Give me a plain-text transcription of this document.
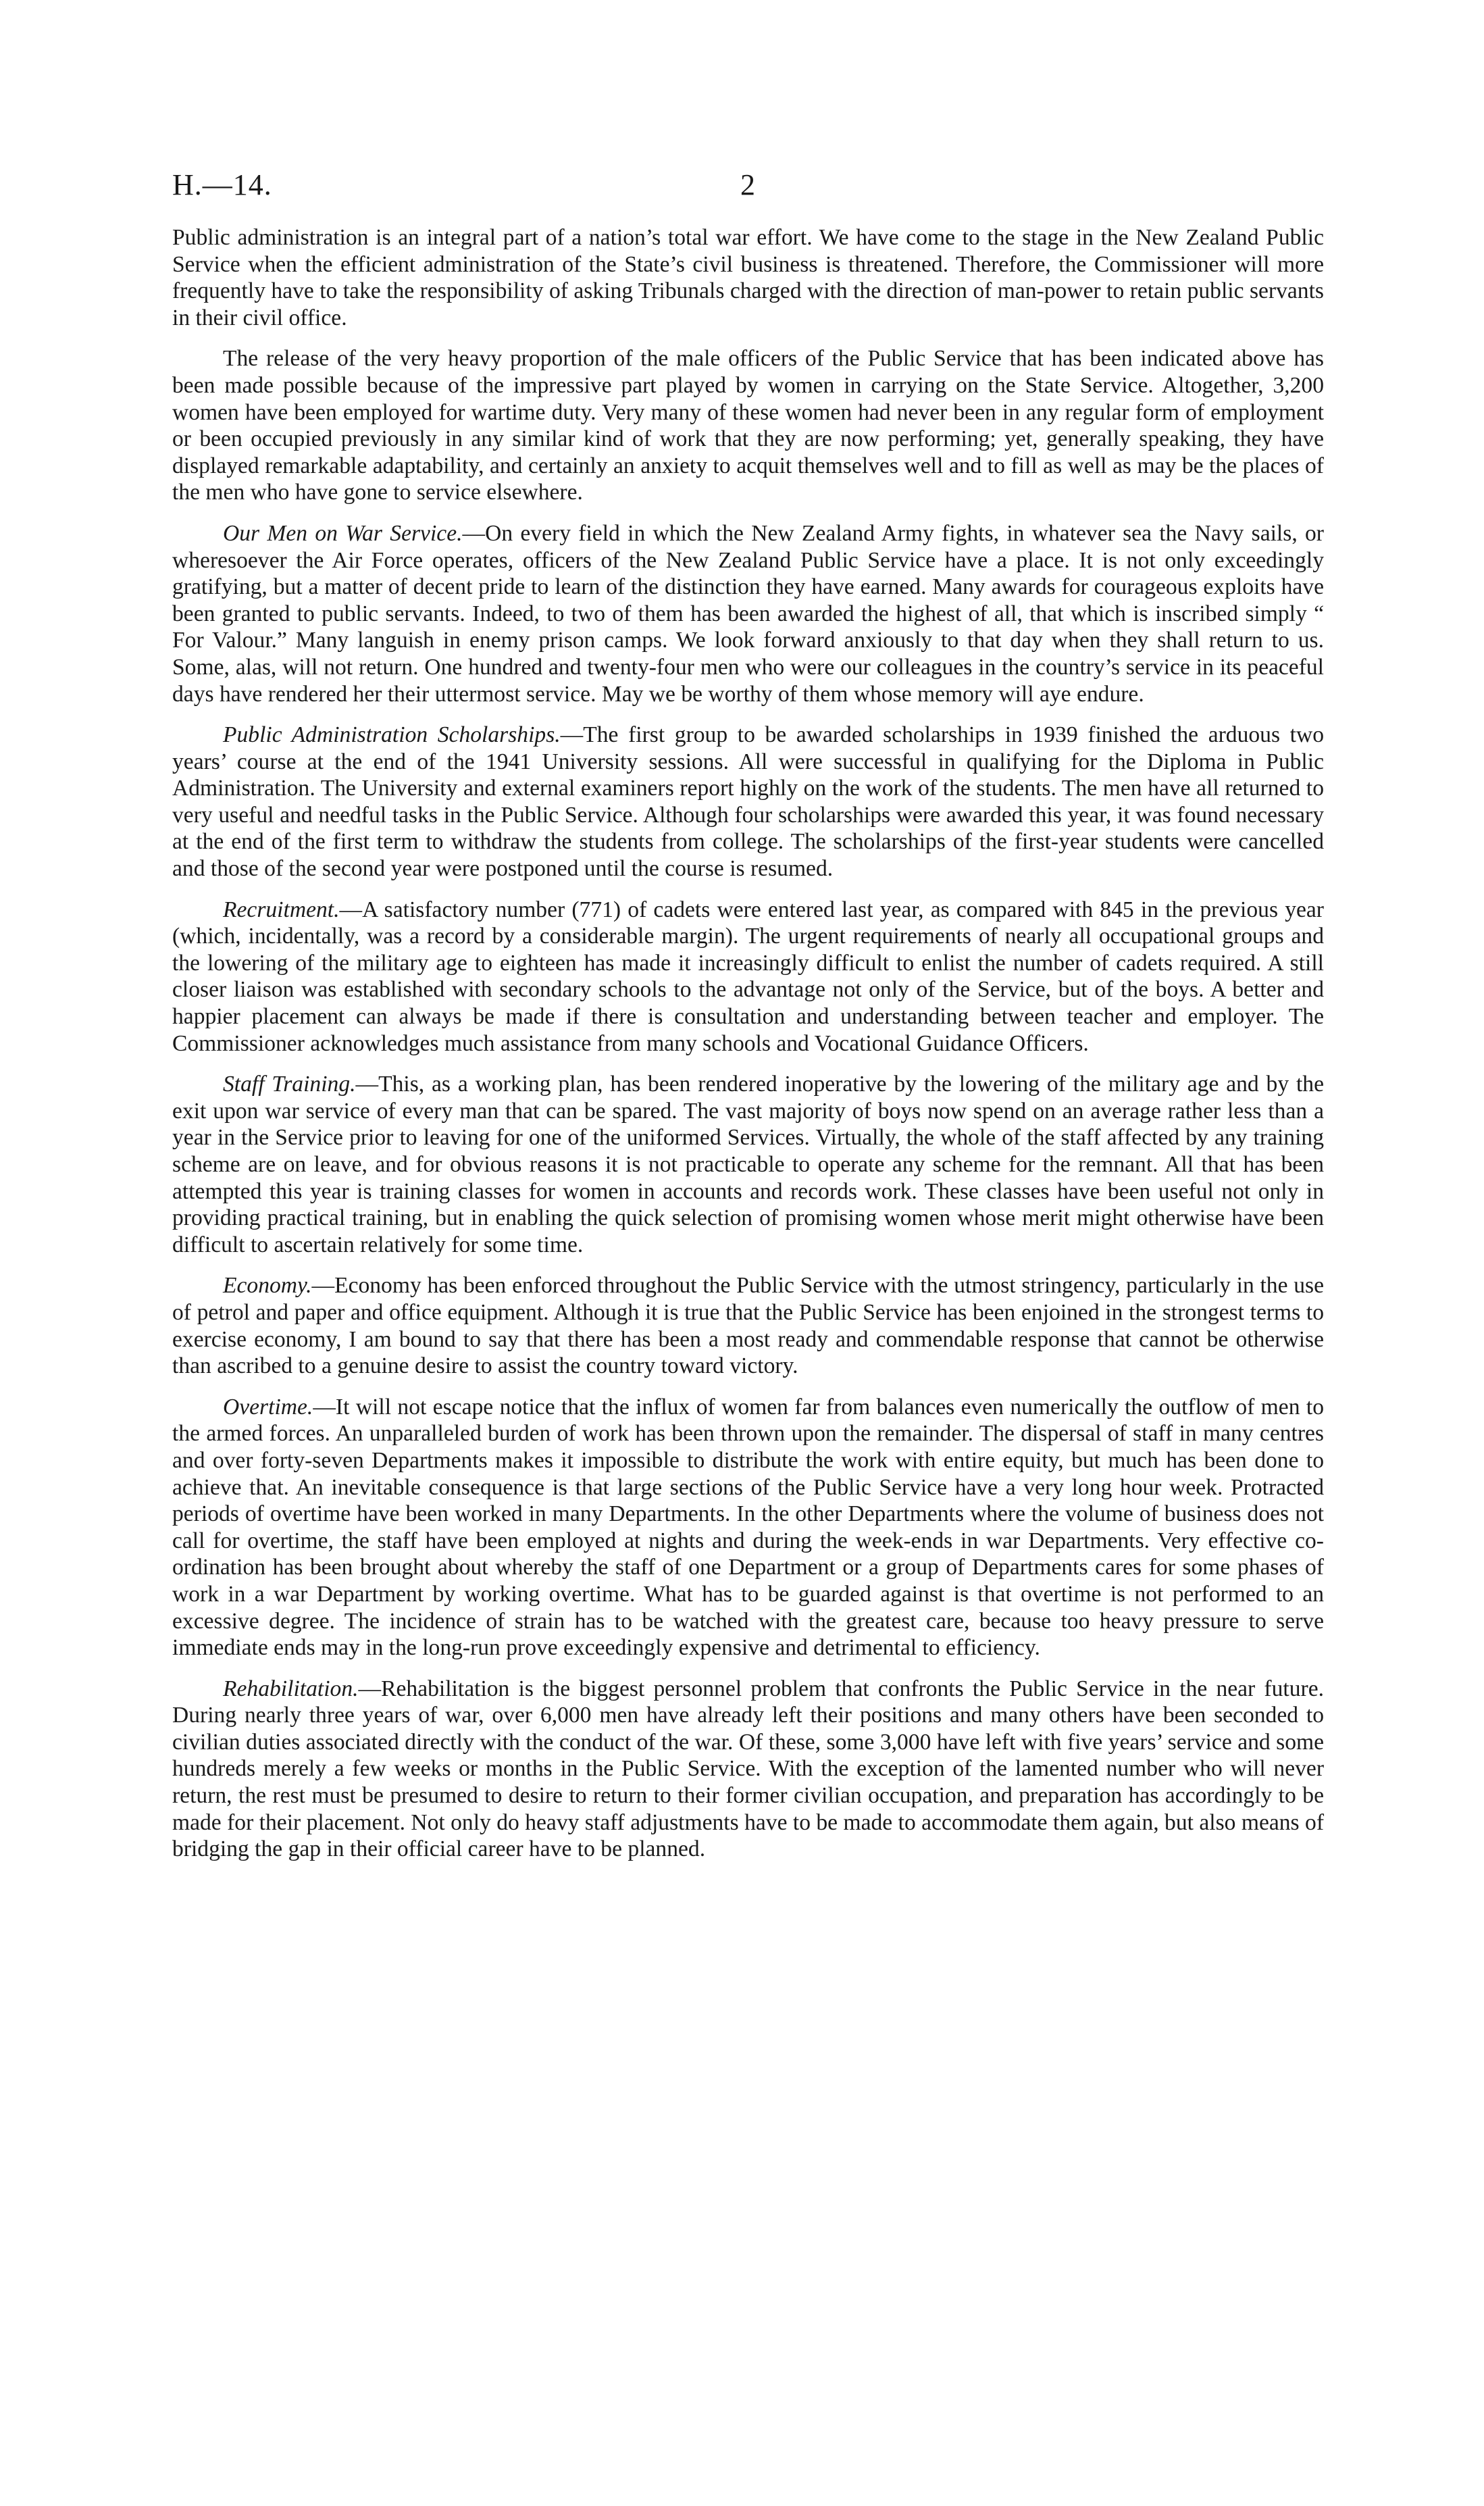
H.—14.	2

Public administration is an integral part of a nation’s total war effort. We have come to the stage in the New Zealand Public Service when the efficient administration of the State’s civil business is threatened. Therefore, the Commissioner will more frequently have to take the responsibility of asking Tribunals charged with the direction of man-power to retain public servants in their civil office.

The release of the very heavy proportion of the male officers of the Public Service that has been indicated above has been made possible because of the impressive part played by women in carrying on the State Service. Altogether, 3,200 women have been employed for wartime duty. Very many of these women had never been in any regular form of employment or been occupied previously in any similar kind of work that they are now performing; yet, generally speaking, they have displayed remarkable adaptability, and certainly an anxiety to acquit themselves well and to fill as well as may be the places of the men who have gone to service elsewhere.

Our Men on War Service.—On every field in which the New Zealand Army fights, in whatever sea the Navy sails, or wheresoever the Air Force operates, officers of the New Zealand Public Service have a place. It is not only exceedingly gratifying, but a matter of decent pride to learn of the distinction they have earned. Many awards for courageous exploits have been granted to public servants. Indeed, to two of them has been awarded the highest of all, that which is inscribed simply “ For Valour.” Many languish in enemy prison camps. We look forward anxiously to that day when they shall return to us. Some, alas, will not return. One hundred and twenty-four men who were our colleagues in the country’s service in its peaceful days have rendered her their uttermost service. May we be worthy of them whose memory will aye endure.

Public Administration Scholarships.—The first group to be awarded scholarships in 1939 finished the arduous two years’ course at the end of the 1941 University sessions. All were successful in qualifying for the Diploma in Public Administration. The University and external examiners report highly on the work of the students. The men have all returned to very useful and needful tasks in the Public Service. Although four scholarships were awarded this year, it was found necessary at the end of the first term to withdraw the students from college. The scholarships of the first-year students were cancelled and those of the second year were postponed until the course is resumed.

Recruitment.—A satisfactory number (771) of cadets were entered last year, as compared with 845 in the previous year (which, incidentally, was a record by a considerable margin). The urgent requirements of nearly all occupational groups and the lowering of the military age to eighteen has made it increasingly difficult to enlist the number of cadets required. A still closer liaison was established with secondary schools to the advantage not only of the Service, but of the boys. A better and happier placement can always be made if there is consultation and understanding between teacher and employer. The Commissioner acknowledges much assistance from many schools and Vocational Guidance Officers.

Staff Training.—This, as a working plan, has been rendered inoperative by the lowering of the military age and by the exit upon war service of every man that can be spared. The vast majority of boys now spend on an average rather less than a year in the Service prior to leaving for one of the uniformed Services. Virtually, the whole of the staff affected by any training scheme are on leave, and for obvious reasons it is not practicable to operate any scheme for the remnant. All that has been attempted this year is training classes for women in accounts and records work. These classes have been useful not only in providing practical training, but in enabling the quick selection of promising women whose merit might otherwise have been difficult to ascertain relatively for some time.

Economy.—Economy has been enforced throughout the Public Service with the utmost stringency, particularly in the use of petrol and paper and office equipment. Although it is true that the Public Service has been enjoined in the strongest terms to exercise economy, I am bound to say that there has been a most ready and commendable response that cannot be otherwise than ascribed to a genuine desire to assist the country toward victory.

Overtime.—It will not escape notice that the influx of women far from balances even numerically the outflow of men to the armed forces. An unparalleled burden of work has been thrown upon the remainder. The dispersal of staff in many centres and over forty-seven Departments makes it impossible to distribute the work with entire equity, but much has been done to achieve that. An inevitable consequence is that large sections of the Public Service have a very long hour week. Protracted periods of overtime have been worked in many Departments. In the other Departments where the volume of business does not call for overtime, the staff have been employed at nights and during the week-ends in war Departments. Very effective co-ordination has been brought about whereby the staff of one Department or a group of Departments cares for some phases of work in a war Department by working overtime. What has to be guarded against is that overtime is not performed to an excessive degree. The incidence of strain has to be watched with the greatest care, because too heavy pressure to serve immediate ends may in the long-run prove exceedingly expensive and detrimental to efficiency.

Rehabilitation.—Rehabilitation is the biggest personnel problem that confronts the Public Service in the near future. During nearly three years of war, over 6,000 men have already left their positions and many others have been seconded to civilian duties associated directly with the conduct of the war. Of these, some 3,000 have left with five years’ service and some hundreds merely a few weeks or months in the Public Service. With the exception of the lamented number who will never return, the rest must be presumed to desire to return to their former civilian occupation, and preparation has accordingly to be made for their placement. Not only do heavy staff adjustments have to be made to accommodate them again, but also means of bridging the gap in their official career have to be planned.
